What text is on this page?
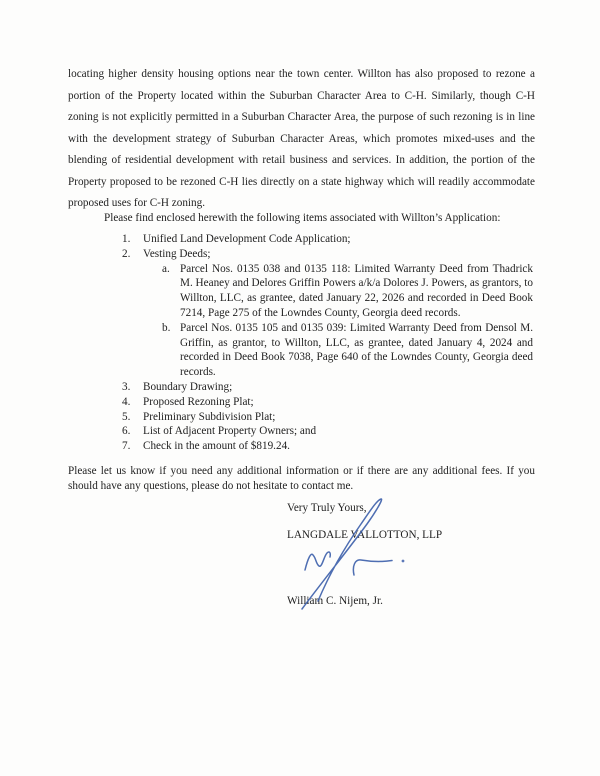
locating higher density housing options near the town center. Willton has also proposed to rezone a portion of the Property located within the Suburban Character Area to C-H. Similarly, though C-H zoning is not explicitly permitted in a Suburban Character Area, the purpose of such rezoning is in line with the development strategy of Suburban Character Areas, which promotes mixed-uses and the blending of residential development with retail business and services. In addition, the portion of the Property proposed to be rezoned C-H lies directly on a state highway which will readily accommodate proposed uses for C-H zoning.

Please find enclosed herewith the following items associated with Willton’s Application:

1.	Unified Land Development Code Application;
2.	Vesting Deeds;
a. Parcel Nos. 0135 038 and 0135 118: Limited Warranty Deed from Thadrick M. Heaney and Delores Griffin Powers a/k/a Dolores J. Powers, as grantors, to Willton, LLC, as grantee, dated January 22, 2026 and recorded in Deed Book 7214, Page 275 of the Lowndes County, Georgia deed records.
b. Parcel Nos. 0135 105 and 0135 039: Limited Warranty Deed from Densol M. Griffin, as grantor, to Willton, LLC, as grantee, dated January 4, 2024 and recorded in Deed Book 7038, Page 640 of the Lowndes County, Georgia deed records.
3.	Boundary Drawing;
4.	Proposed Rezoning Plat;
5.	Preliminary Subdivision Plat;
6.	List of Adjacent Property Owners; and
7.	Check in the amount of $819.24.

Please let us know if you need any additional information or if there are any additional fees. If you should have any questions, please do not hesitate to contact me.

Very Truly Yours,
LANGDALE VALLOTTON, LLP
William C. Nijem, Jr.
